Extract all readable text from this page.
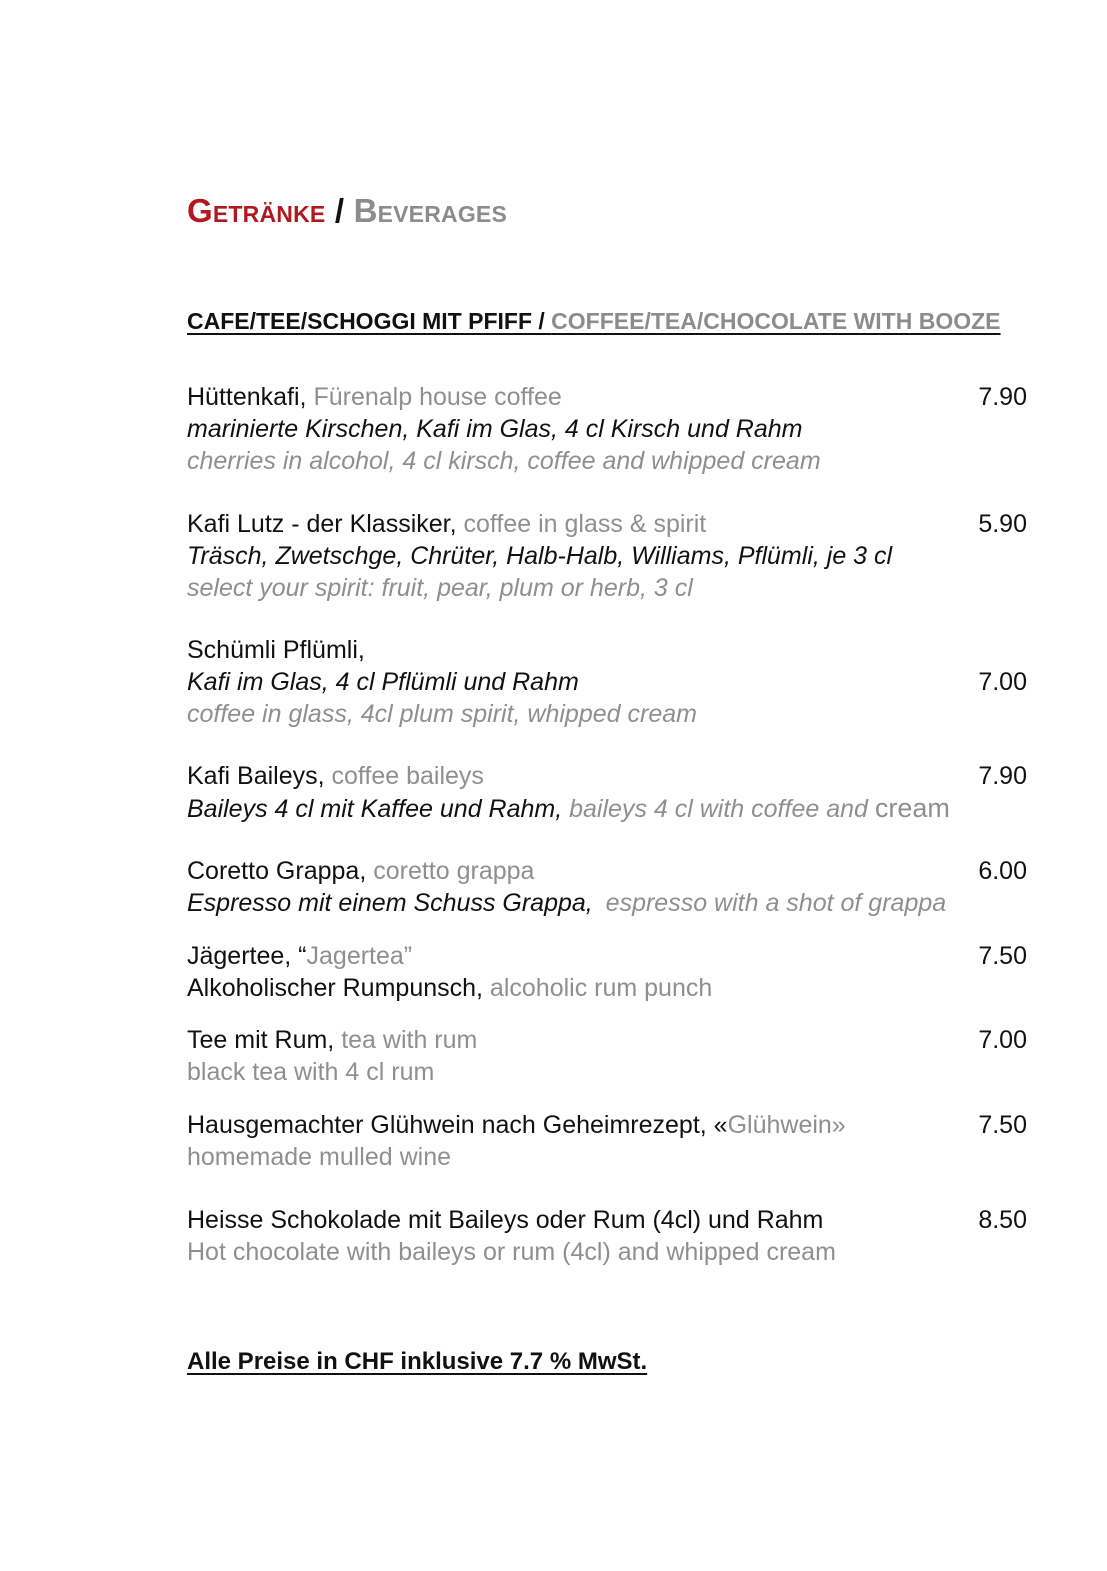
Getränke / Beverages
CAFE/TEE/SCHOGGI MIT PFIFF / COFFEE/TEA/CHOCOLATE WITH BOOZE
Hüttenkafi, Fürenalp house coffee
marinierte Kirschen, Kafi im Glas, 4 cl Kirsch und Rahm
cherries in alcohol, 4 cl kirsch, coffee and whipped cream
7.90
Kafi Lutz - der Klassiker, coffee in glass & spirit
Träsch, Zwetschge, Chrüter, Halb-Halb, Williams, Pflümli, je 3 cl
select your spirit: fruit, pear, plum or herb, 3 cl
5.90
Schümli Pflümli,
Kafi im Glas, 4 cl Pflümli und Rahm
coffee in glass, 4cl plum spirit, whipped cream
7.00
Kafi Baileys, coffee baileys
Baileys 4 cl mit Kaffee und Rahm, baileys 4 cl with coffee and cream
7.90
Coretto Grappa, coretto grappa
Espresso mit einem Schuss Grappa, espresso with a shot of grappa
6.00
Jägertee, “Jagertea”
Alkoholischer Rumpunsch, alcoholic rum punch
7.50
Tee mit Rum, tea with rum
black tea with 4 cl rum
7.00
Hausgemachter Glühwein nach Geheimrezept, «Glühwein»
homemade mulled wine
7.50
Heisse Schokolade mit Baileys oder Rum (4cl) und Rahm
Hot chocolate with baileys or rum (4cl) and whipped cream
8.50
Alle Preise in CHF inklusive 7.7 % MwSt.
